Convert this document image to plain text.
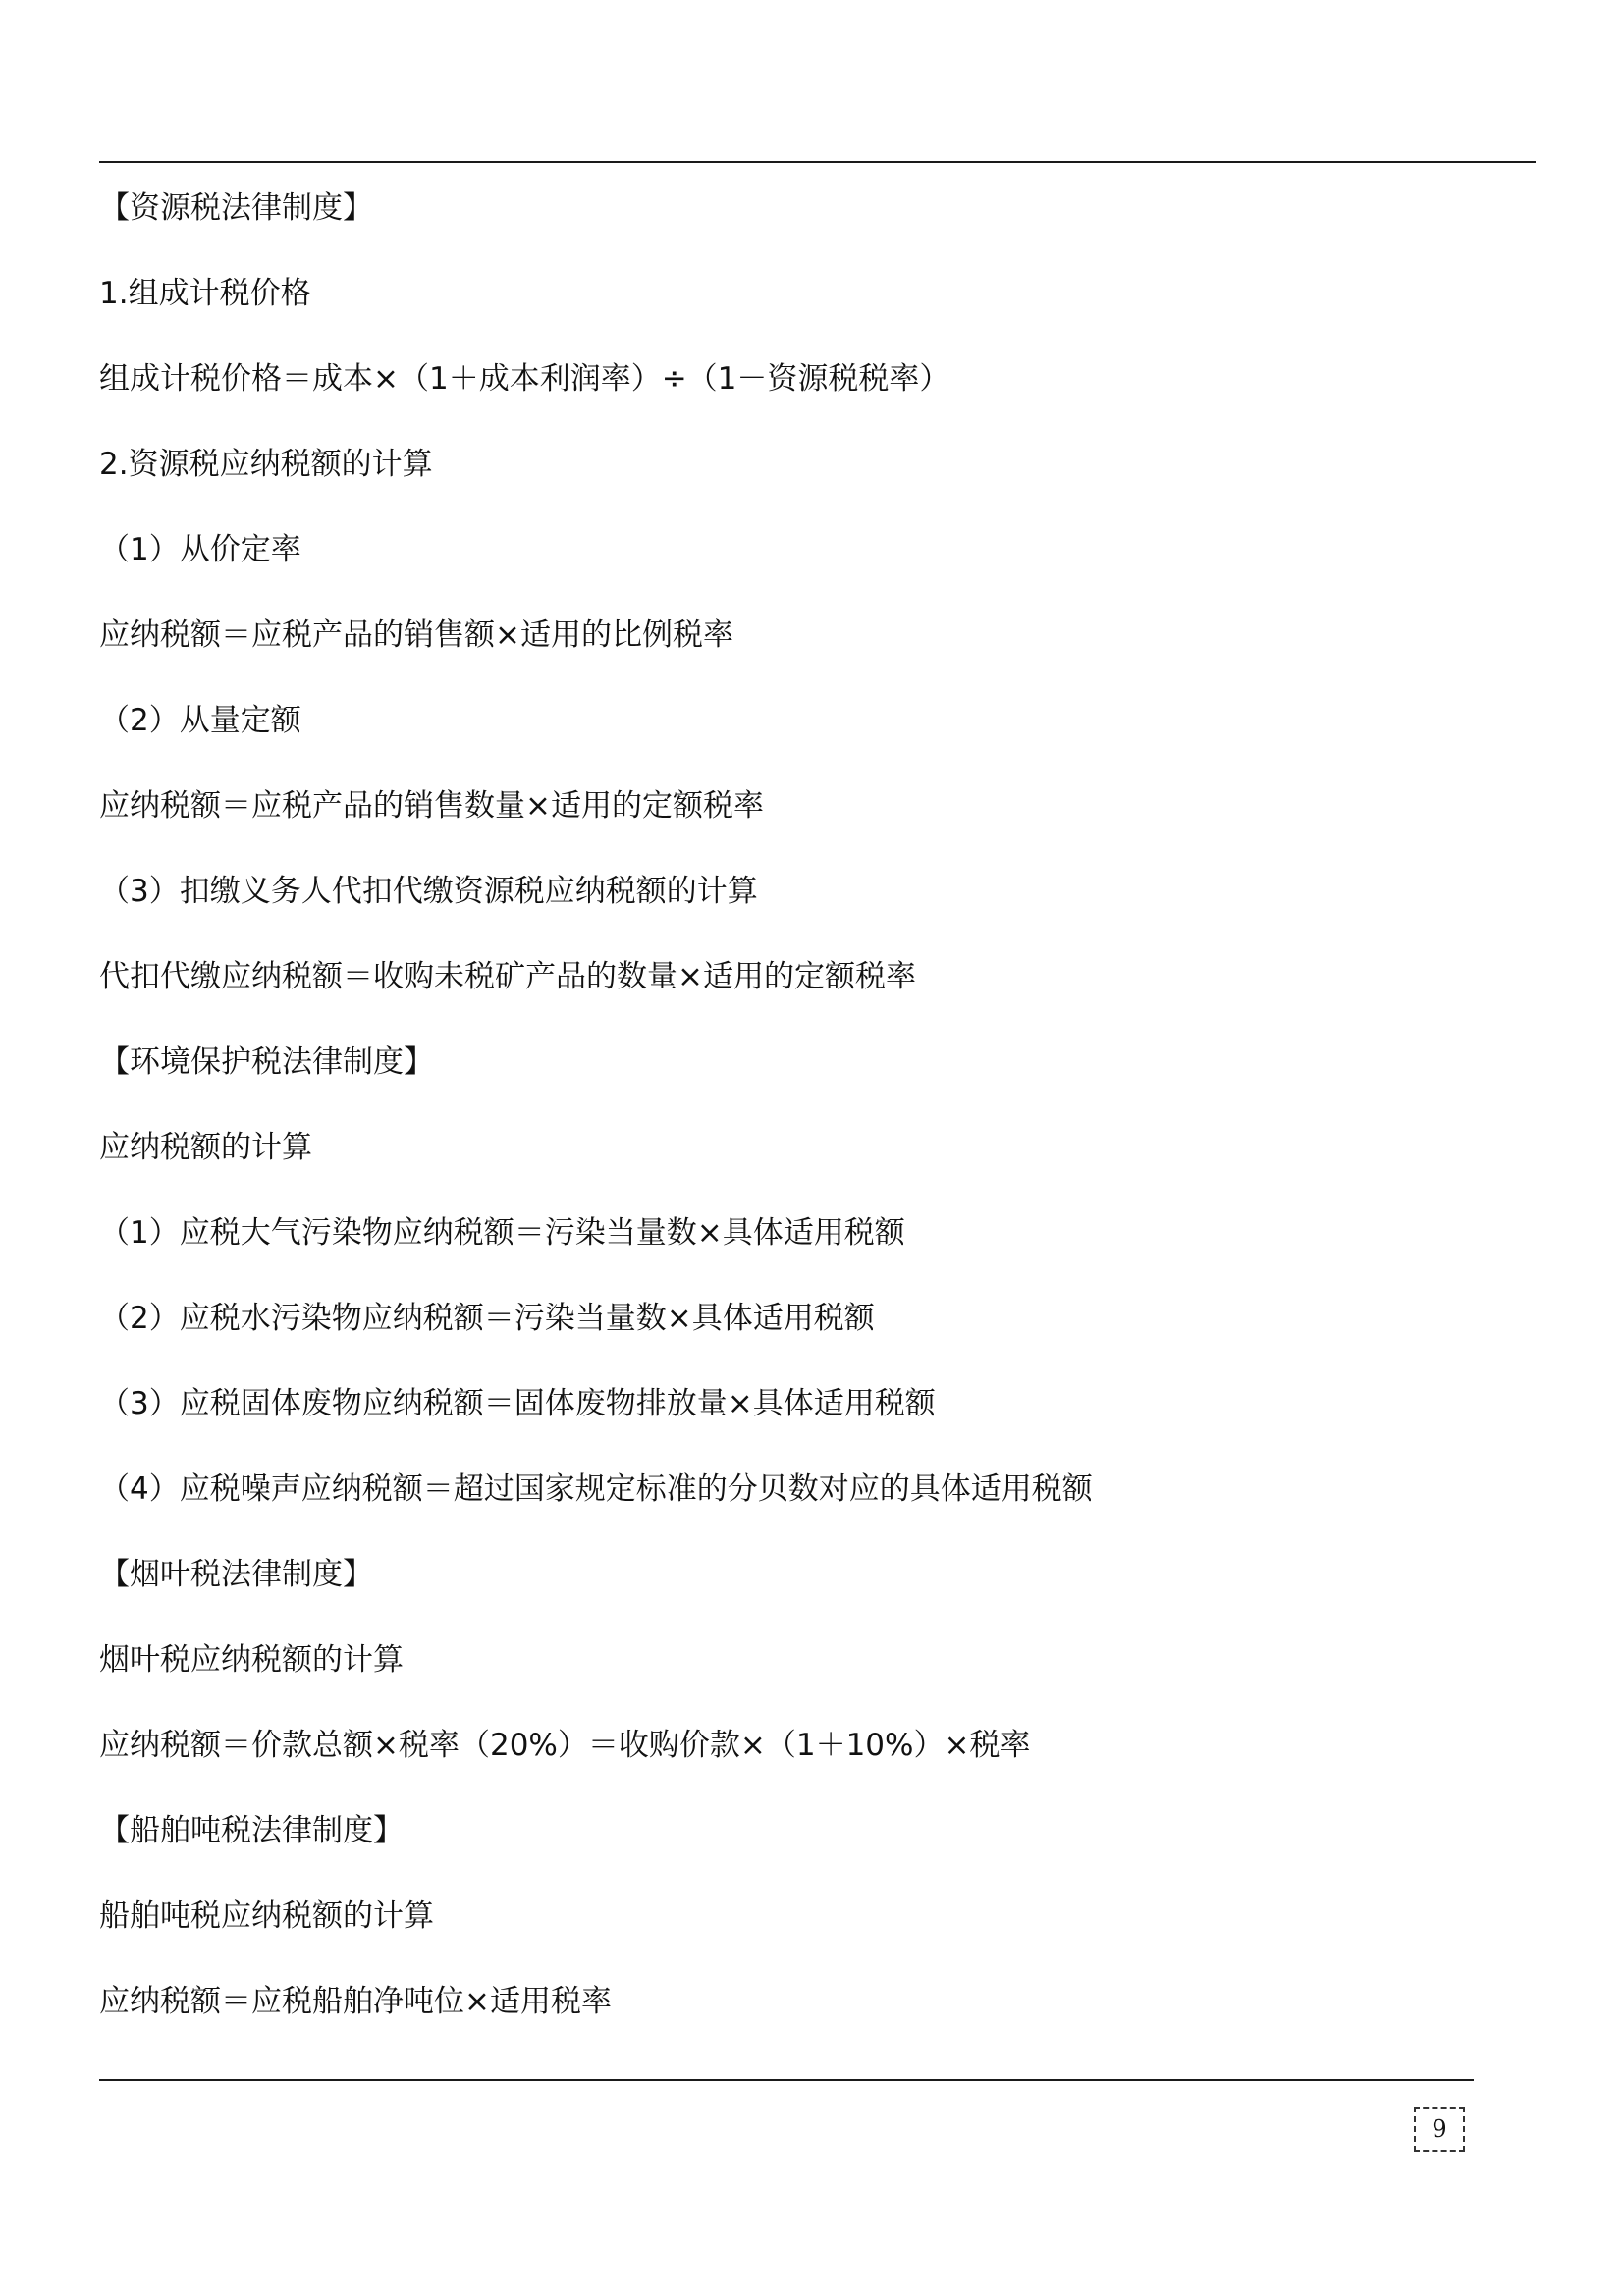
【资源税法律制度】
1.组成计税价格
组成计税价格＝成本×（1＋成本利润率）÷（1－资源税税率）
2.资源税应纳税额的计算
（1）从价定率
应纳税额＝应税产品的销售额×适用的比例税率
（2）从量定额
应纳税额＝应税产品的销售数量×适用的定额税率
（3）扣缴义务人代扣代缴资源税应纳税额的计算
代扣代缴应纳税额＝收购未税矿产品的数量×适用的定额税率
【环境保护税法律制度】
应纳税额的计算
（1）应税大气污染物应纳税额＝污染当量数×具体适用税额
（2）应税水污染物应纳税额＝污染当量数×具体适用税额
（3）应税固体废物应纳税额＝固体废物排放量×具体适用税额
（4）应税噪声应纳税额＝超过国家规定标准的分贝数对应的具体适用税额
【烟叶税法律制度】
烟叶税应纳税额的计算
应纳税额＝价款总额×税率（20%）＝收购价款×（1＋10%）×税率
【船舶吨税法律制度】
船舶吨税应纳税额的计算
应纳税额＝应税船舶净吨位×适用税率
9
